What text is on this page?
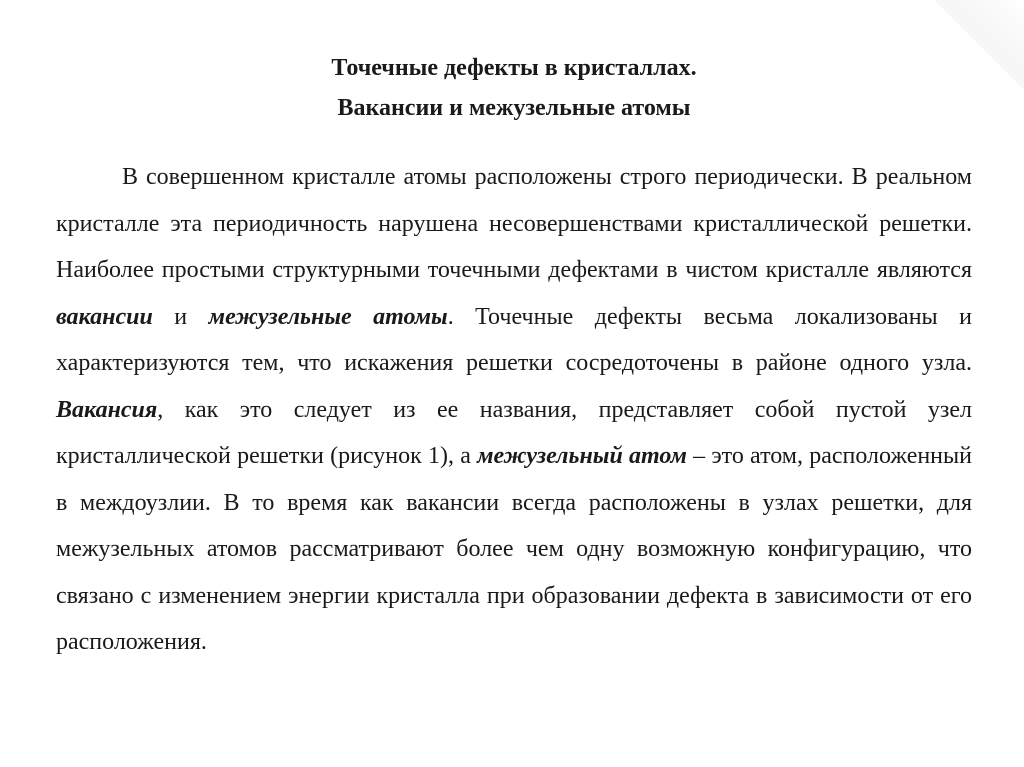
Точечные дефекты в кристаллах.
Вакансии и межузельные атомы

В совершенном кристалле атомы расположены строго периодически. В реальном кристалле эта периодичность нарушена несовершенствами кристаллической решетки. Наиболее простыми структурными точечными дефектами в чистом кристалле являются вакансии и межузельные атомы. Точечные дефекты весьма локализованы и характеризуются тем, что искажения решетки сосредоточены в районе одного узла. Вакансия, как это следует из ее названия, представляет собой пустой узел кристаллической решетки (рисунок 1), а межузельный атом – это атом, расположенный в междоузлии. В то время как вакансии всегда расположены в узлах решетки, для межузельных атомов рассматривают более чем одну возможную конфигурацию, что связано с изменением энергии кристалла при образовании дефекта в зависимости от его расположения.
